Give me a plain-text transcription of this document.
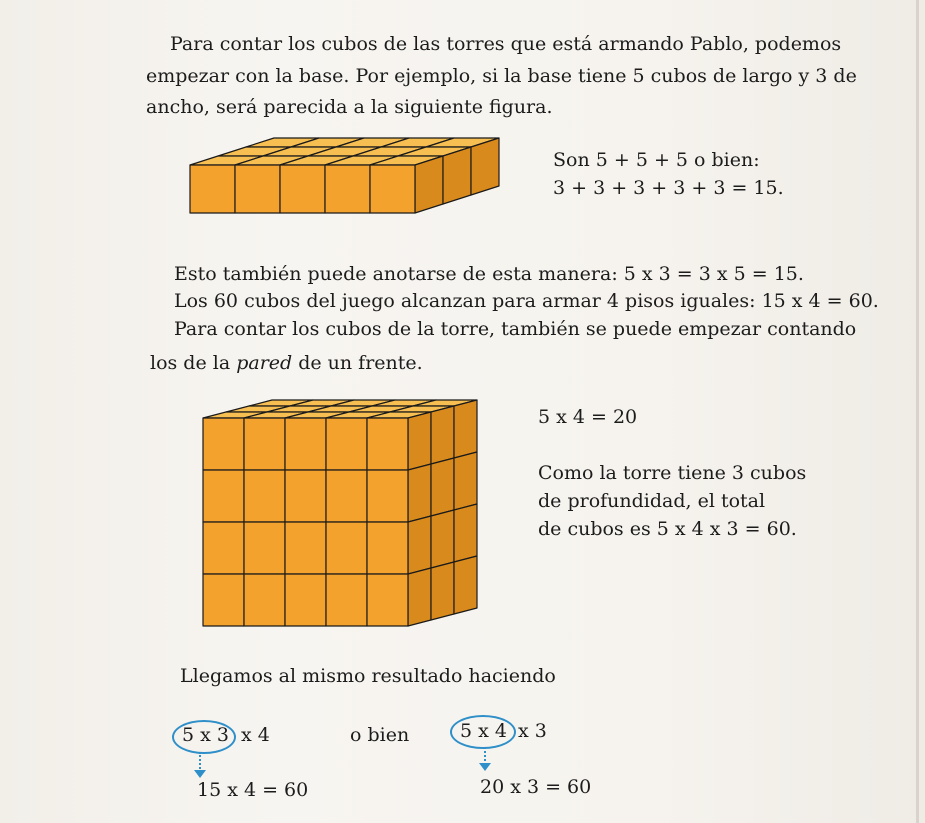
Para contar los cubos de las torres que está armando Pablo, podemos
empezar con la base. Por ejemplo, si la base tiene 5 cubos de largo y 3 de
ancho, será parecida a la siguiente figura.
Son 5 + 5 + 5 o bien:
3 + 3 + 3 + 3 + 3 = 15.
Esto también puede anotarse de esta manera: 5 x 3 = 3 x 5 = 15.
Los 60 cubos del juego alcanzan para armar 4 pisos iguales: 15 x 4 = 60.
Para contar los cubos de la torre, también se puede empezar contando
los de la pared de un frente.
5 x 4 = 20
Como la torre tiene 3 cubos
de profundidad, el total
de cubos es 5 x 4 x 3 = 60.
Llegamos al mismo resultado haciendo
5 x 3 x 4
15 x 4 = 60
o bien	5 x 4 x 3
20 x 3 = 60
